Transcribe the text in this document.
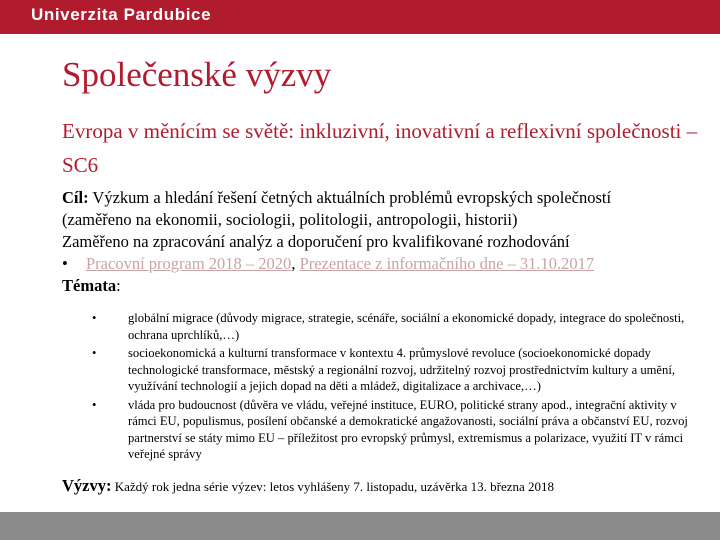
Univerzita Pardubice
Společenské výzvy
Evropa v měnícím se světě: inkluzivní, inovativní a reflexivní společnosti – SC6
Cíl: Výzkum a hledání řešení četných aktuálních problémů evropských společností
(zaměřeno na ekonomii, sociologii, politologii, antropologii, historii)
Zaměřeno na zpracování analýz a doporučení pro kvalifikované rozhodování
• Pracovní program 2018 – 2020, Prezentace z informačního dne – 31.10.2017
Témata:
•	globální migrace (důvody migrace, strategie, scénáře, sociální a ekonomické dopady, integrace do společnosti, ochrana uprchlíků,…)
•	socioekonomická a kulturní transformace v kontextu 4. průmyslové revoluce (socioekonomické dopady technologické transformace, městský a regionální rozvoj, udržitelný rozvoj prostřednictvím kultury a umění, využívání technologií a jejich dopad na děti a mládež, digitalizace a archivace,…)
•	vláda pro budoucnost (důvěra ve vládu, veřejné instituce, EURO, politické strany apod., integrační aktivity v rámci EU, populismus, posílení občanské a demokratické angažovanosti, sociální práva a občanství EU, rozvoj partnerství se státy mimo EU – příležitost pro evropský průmysl, extremismus a polarizace, využití IT v rámci veřejné správy
Výzvy: Každý rok jedna série výzev: letos vyhlášeny 7. listopadu, uzávěrka 13. března 2018
